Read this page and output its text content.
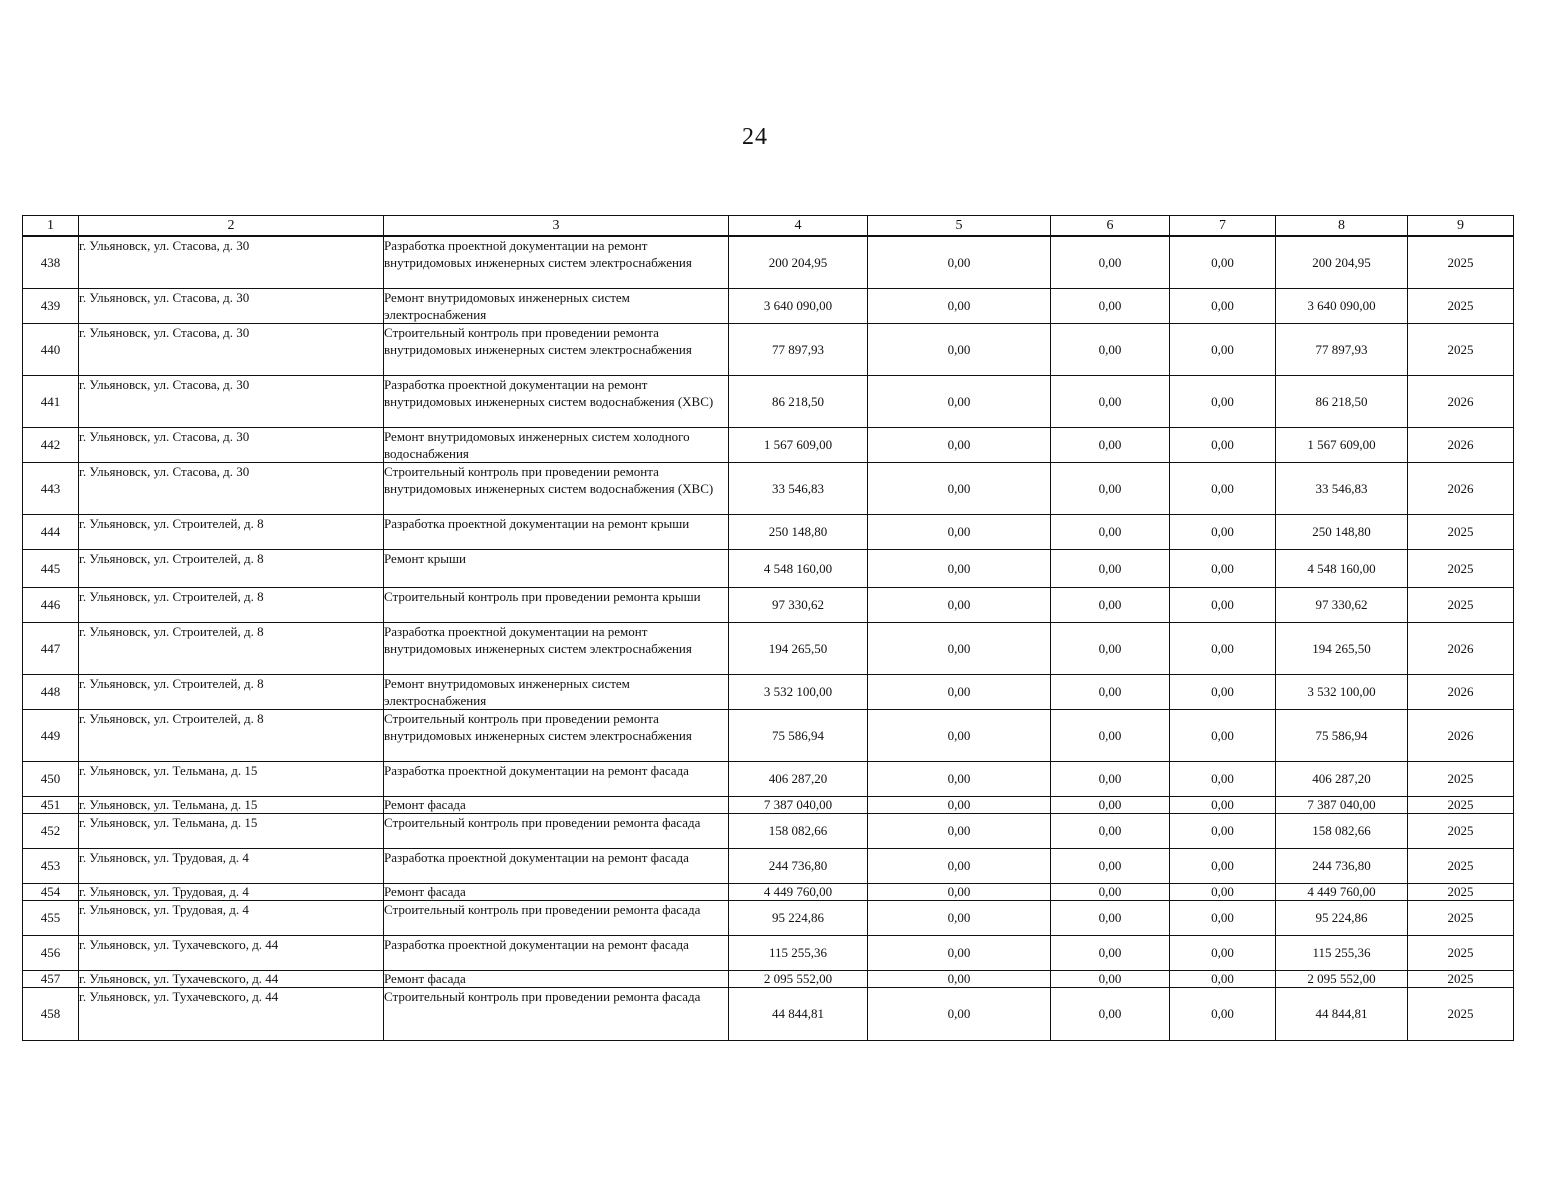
24
1	2	3	4	5	6	7	8	9
438	г. Ульяновск, ул. Стасова, д. 30	Разработка проектной документации на ремонт внутридомовых инженерных систем электроснабжения	200 204,95	0,00	0,00	0,00	200 204,95	2025
439	г. Ульяновск, ул. Стасова, д. 30	Ремонт внутридомовых инженерных систем электроснабжения	3 640 090,00	0,00	0,00	0,00	3 640 090,00	2025
440	г. Ульяновск, ул. Стасова, д. 30	Строительный контроль при проведении ремонта внутридомовых инженерных систем электроснабжения	77 897,93	0,00	0,00	0,00	77 897,93	2025
441	г. Ульяновск, ул. Стасова, д. 30	Разработка проектной документации на ремонт внутридомовых инженерных систем водоснабжения (ХВС)	86 218,50	0,00	0,00	0,00	86 218,50	2026
442	г. Ульяновск, ул. Стасова, д. 30	Ремонт внутридомовых инженерных систем холодного водоснабжения	1 567 609,00	0,00	0,00	0,00	1 567 609,00	2026
443	г. Ульяновск, ул. Стасова, д. 30	Строительный контроль при проведении ремонта внутридомовых инженерных систем водоснабжения (ХВС)	33 546,83	0,00	0,00	0,00	33 546,83	2026
444	г. Ульяновск, ул. Строителей, д. 8	Разработка проектной документации на ремонт крыши	250 148,80	0,00	0,00	0,00	250 148,80	2025
445	г. Ульяновск, ул. Строителей, д. 8	Ремонт крыши	4 548 160,00	0,00	0,00	0,00	4 548 160,00	2025
446	г. Ульяновск, ул. Строителей, д. 8	Строительный контроль при проведении ремонта крыши	97 330,62	0,00	0,00	0,00	97 330,62	2025
447	г. Ульяновск, ул. Строителей, д. 8	Разработка проектной документации на ремонт внутридомовых инженерных систем электроснабжения	194 265,50	0,00	0,00	0,00	194 265,50	2026
448	г. Ульяновск, ул. Строителей, д. 8	Ремонт внутридомовых инженерных систем электроснабжения	3 532 100,00	0,00	0,00	0,00	3 532 100,00	2026
449	г. Ульяновск, ул. Строителей, д. 8	Строительный контроль при проведении ремонта внутридомовых инженерных систем электроснабжения	75 586,94	0,00	0,00	0,00	75 586,94	2026
450	г. Ульяновск, ул. Тельмана, д. 15	Разработка проектной документации на ремонт фасада	406 287,20	0,00	0,00	0,00	406 287,20	2025
451	г. Ульяновск, ул. Тельмана, д. 15	Ремонт фасада	7 387 040,00	0,00	0,00	0,00	7 387 040,00	2025
452	г. Ульяновск, ул. Тельмана, д. 15	Строительный контроль при проведении ремонта фасада	158 082,66	0,00	0,00	0,00	158 082,66	2025
453	г. Ульяновск, ул. Трудовая, д. 4	Разработка проектной документации на ремонт фасада	244 736,80	0,00	0,00	0,00	244 736,80	2025
454	г. Ульяновск, ул. Трудовая, д. 4	Ремонт фасада	4 449 760,00	0,00	0,00	0,00	4 449 760,00	2025
455	г. Ульяновск, ул. Трудовая, д. 4	Строительный контроль при проведении ремонта фасада	95 224,86	0,00	0,00	0,00	95 224,86	2025
456	г. Ульяновск, ул. Тухачевского, д. 44	Разработка проектной документации на ремонт фасада	115 255,36	0,00	0,00	0,00	115 255,36	2025
457	г. Ульяновск, ул. Тухачевского, д. 44	Ремонт фасада	2 095 552,00	0,00	0,00	0,00	2 095 552,00	2025
458	г. Ульяновск, ул. Тухачевского, д. 44	Строительный контроль при проведении ремонта фасада	44 844,81	0,00	0,00	0,00	44 844,81	2025
